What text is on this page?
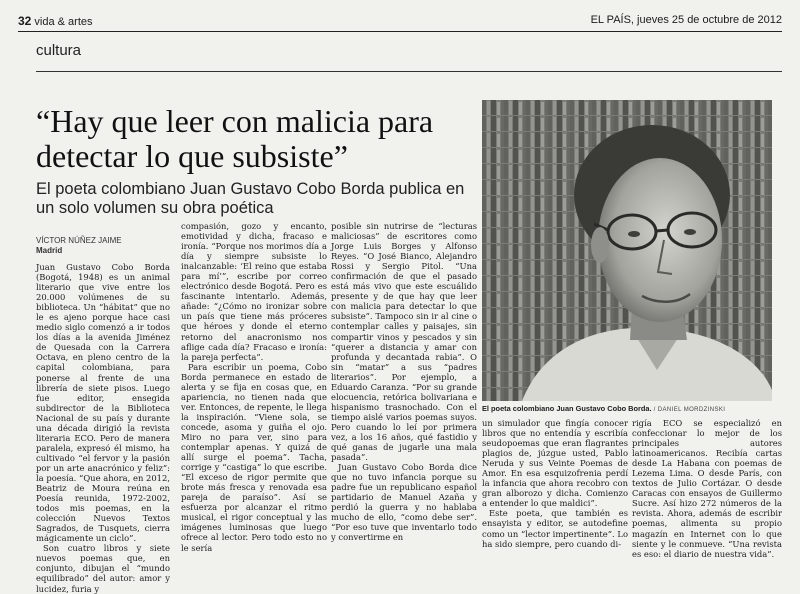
32 vida & artes	EL PAÍS, jueves 25 de octubre de 2012
cultura
“Hay que leer con malicia para detectar lo que subsiste”
El poeta colombiano Juan Gustavo Cobo Borda publica en un solo volumen su obra poética
VÍCTOR NÚÑEZ JAIME
Madrid

Juan Gustavo Cobo Borda (Bogotá, 1948) es un animal literario que vive entre los 20.000 volúmenes de su biblioteca. Un “hábitat” que no le es ajeno porque hace casi medio siglo comenzó a ir todos los días a la avenida Jiménez de Quesada con la Carrera Octava, en pleno centro de la capital colombiana, para ponerse al frente de una librería de siete pisos. Luego fue editor, ensegida subdirector de la Biblioteca Nacional de su país y durante una década dirigió la revista literaria ECO. Pero de manera paralela, expresó él mismo, ha cultivado “el fervor y la pasión por un arte anacrónico y feliz”: la poesía. “Que ahora, en 2012, Beatriz de Moura reúna en Poesía reunida, 1972-2002, todos mis poemas, en la colección Nuevos Textos Sagrados, de Tusquets, cierra mágicamente un ciclo”.

Son cuatro libros y siete nuevos poemas que, en conjunto, dibujan el “mundo equilibrado” del autor: amor y lucidez, furia y

compasión, gozo y encanto, emotividad y dicha, fracaso e ironía. “Porque nos morimos día a día y siempre subsiste lo inalcanzable: ‘El reino que estaba para mí’”, escribe por correo electrónico desde Bogotá. Pero es fascinante intentarlo. Además, añade: “¿Cómo no ironizar sobre un país que tiene más próceres que héroes y donde el eterno retorno del anacronismo nos aflige cada día? Fracaso e ironía: la pareja perfecta”.

Para escribir un poema, Cobo Borda permanece en estado de alerta y se fija en cosas que, en apariencia, no tienen nada que ver. Entonces, de repente, le llega la inspiración. “Viene sola, se concede, asoma y guiña el ojo. Miro no para ver, sino para contemplar apenas. Y quizá de allí surge el poema”. Tacha, corrige y “castiga” lo que escribe. “El exceso de rigor permite que brote más fresca y renovada esa pareja de paraíso”. Así se esfuerza por alcanzar el ritmo musical, el rigor conceptual y las imágenes luminosas que luego ofrece al lector. Pero todo esto no le sería

posible sin nutrirse de “lecturas maliciosas” de escritores como Jorge Luis Borges y Alfonso Reyes. “O José Bianco, Alejandro Rossi y Sergio Pitol. “Una confirmación de que el pasado está más vivo que este escuálido presente y de que hay que leer con malicia para detectar lo que subsiste”. Tampoco sin ir al cine o contemplar calles y paisajes, sin compartir vinos y pescados y sin “querer a distancia y amar con profunda y decantada rabia”. O sin “matar” a sus “padres literarios”. Por ejemplo, a Eduardo Caranza. “Por su grande elocuencia, retórica bolivariana e hispanismo trasnochado. Con el tiempo aislé varios poemas suyos. Pero cuando lo leí por primera vez, a los 16 años, qué fastidio y qué ganas de jugarle una mala pasada”.

Juan Gustavo Cobo Borda dice que no tuvo infancia porque su padre fue un republicano español partidario de Manuel Azaña y perdió la guerra y no hablaba mucho de ello, “como debe ser”. “Por eso tuve que inventarlo todo y convertirme en

El poeta colombiano Juan Gustavo Cobo Borda. / DANIEL MORDZINSKI

un simulador que fingía conocer libros que no entendía y escribía seudopoemas que eran flagrantes plagios de, júzgue usted, Pablo Neruda y sus Veinte Poemas de Amor. En esa esquizofrenia perdí la infancia que ahora recobro con gran alborozo y dicha. Comienzo a entender lo que maldici”.

Este poeta, que también es ensayista y editor, se autodefine como un “lector impertinente”. Lo ha sido siempre, pero cuando di-

rigía ECO se especializó en confeccionar lo mejor de los principales autores latinoamericanos. Recibía cartas desde La Habana con poemas de Lezema Lima. O desde París, con textos de Julio Cortázar. O desde Caracas con ensayos de Guillermo Sucre. Así hizo 272 números de la revista. Ahora, además de escribir poemas, alimenta su propio magazín en Internet con lo que siente y le conmueve. “Una revista es eso: el diario de nuestra vida”.
